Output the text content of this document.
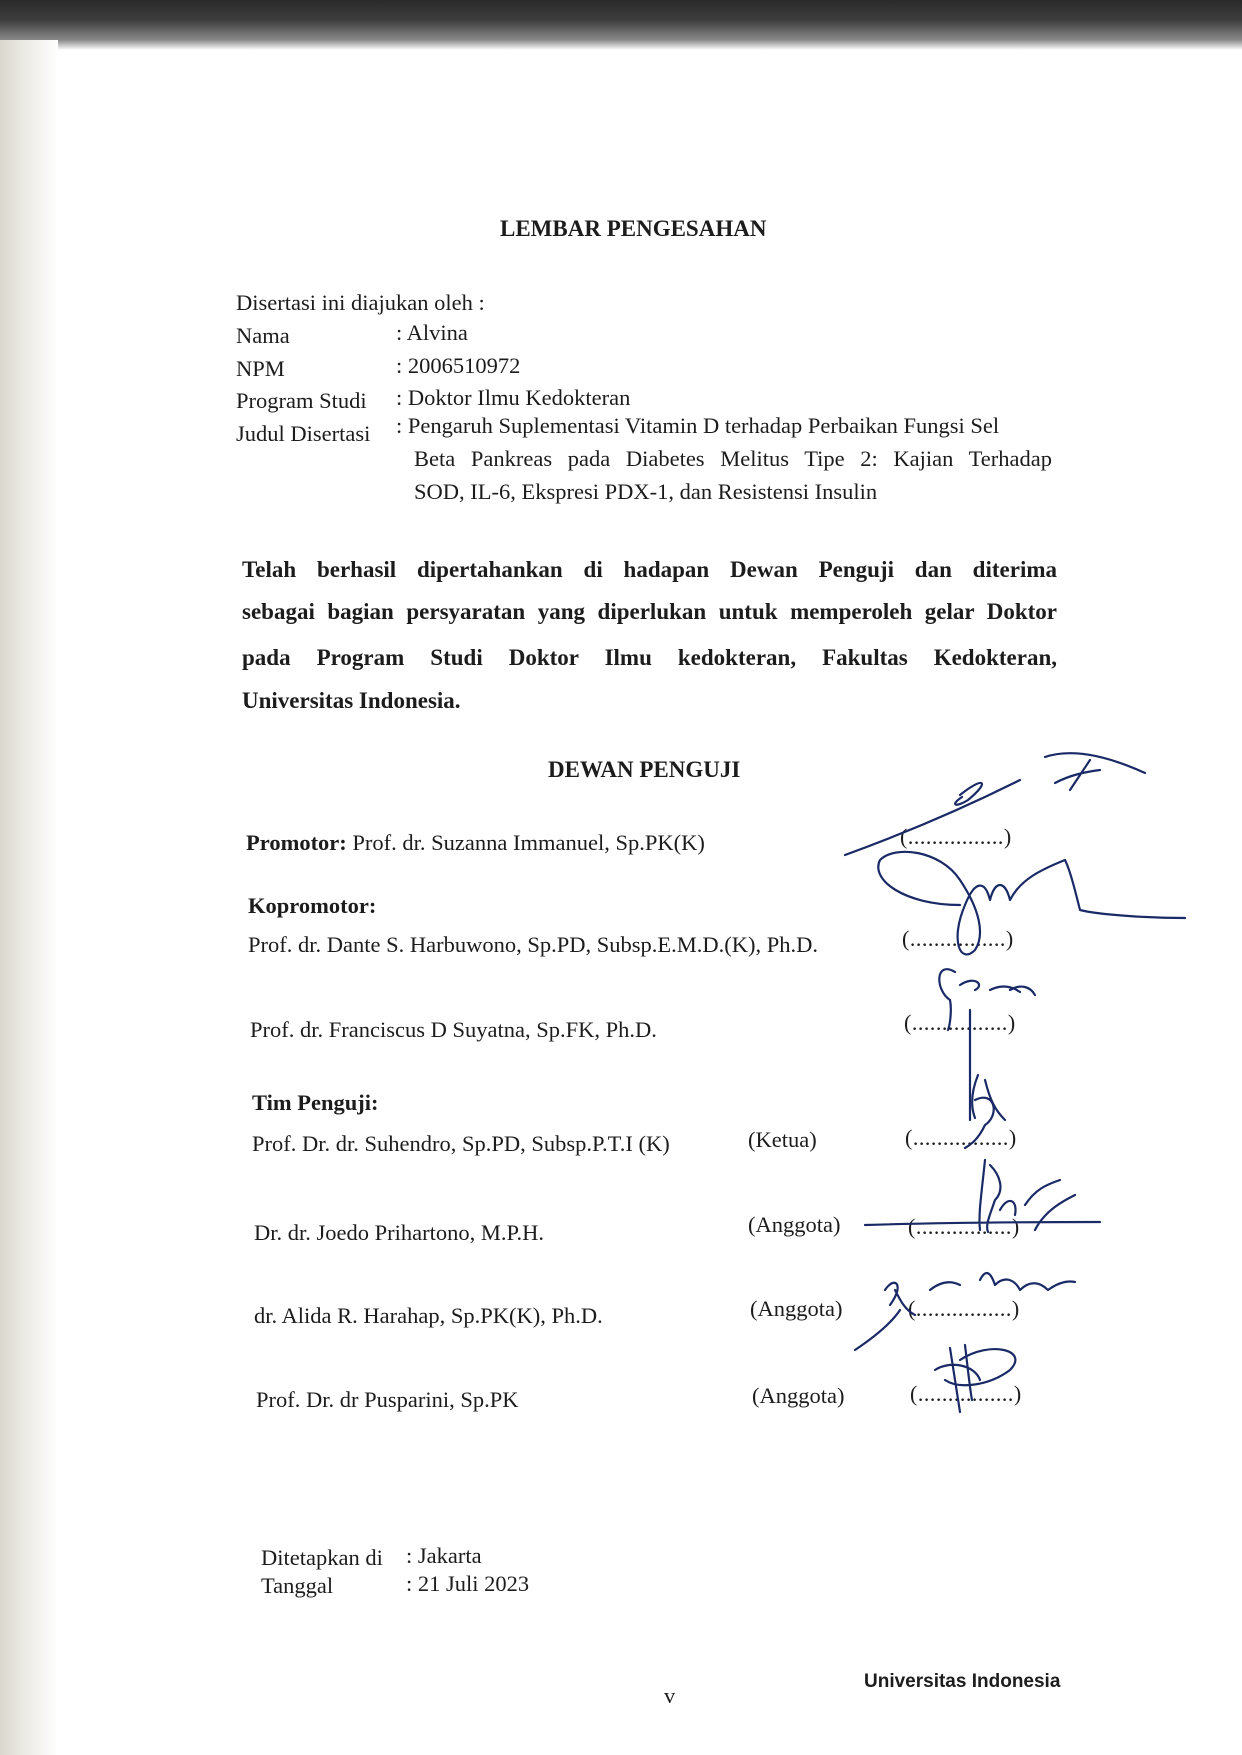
LEMBAR PENGESAHAN
Disertasi ini diajukan oleh :
Nama	: Alvina
NPM	: 2006510972
Program Studi : Doktor Ilmu Kedokteran
Judul Disertasi : Pengaruh Suplementasi Vitamin D terhadap Perbaikan Fungsi Sel
Beta Pankreas pada Diabetes Melitus Tipe 2: Kajian Terhadap
SOD, IL-6, Ekspresi PDX-1, dan Resistensi Insulin
Telah berhasil dipertahankan di hadapan Dewan Penguji dan diterima
sebagai bagian persyaratan yang diperlukan untuk memperoleh gelar Doktor
pada Program Studi Doktor Ilmu kedokteran, Fakultas Kedokteran,
Universitas Indonesia.
DEWAN PENGUJI
Promotor: Prof. dr. Suzanna Immanuel, Sp.PK(K)	(................)
Kopromotor:
Prof. dr. Dante S. Harbuwono, Sp.PD, Subsp.E.M.D.(K), Ph.D.	(................)
Prof. dr. Franciscus D Suyatna, Sp.FK, Ph.D.	(................)
Tim Penguji:
Prof. Dr. dr. Suhendro, Sp.PD, Subsp.P.T.I (K)	(Ketua)	(................)
Dr. dr. Joedo Prihartono, M.P.H.	(Anggota)	(................)
dr. Alida R. Harahap, Sp.PK(K), Ph.D.	(Anggota)	(................)
Prof. Dr. dr Pusparini, Sp.PK	(Anggota)	(................)
Ditetapkan di : Jakarta
Tanggal	: 21 Juli 2023
v
Universitas Indonesia
